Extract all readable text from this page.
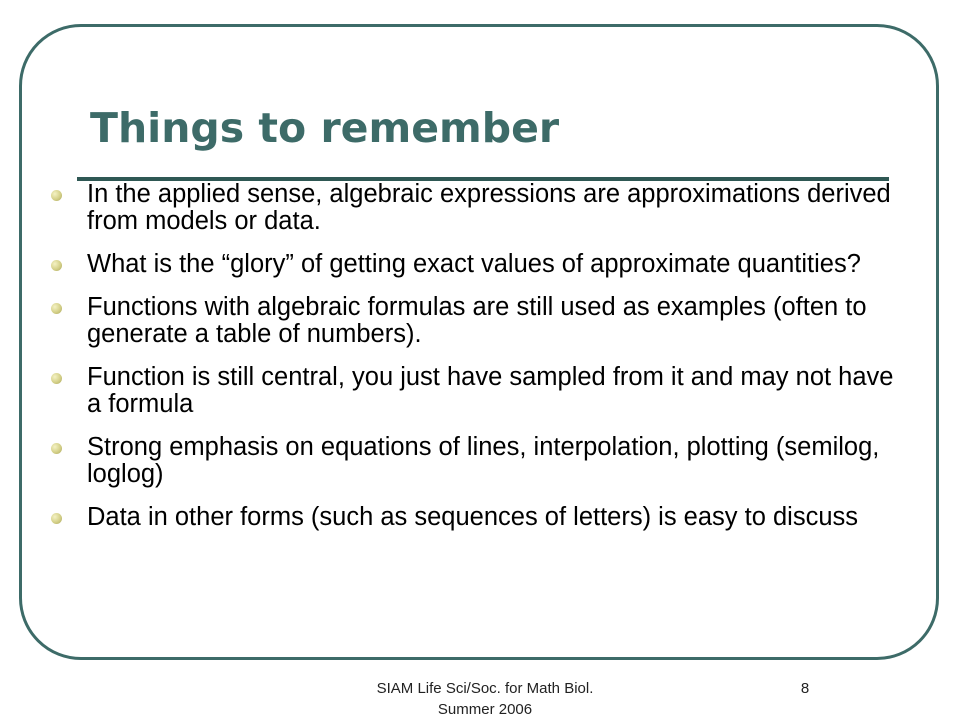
Things to remember
In the applied sense, algebraic expressions are approximations derived from models or data.
What is the “glory” of getting exact values of approximate quantities?
Functions with algebraic formulas are still used as examples (often to generate a table of numbers).
Function is still central, you just have sampled from it and may not have a formula
Strong emphasis on equations of lines, interpolation, plotting (semilog, loglog)
Data in other forms (such as sequences of letters) is easy to discuss

SIAM Life Sci/Soc. for Math Biol. Summer 2006

8
